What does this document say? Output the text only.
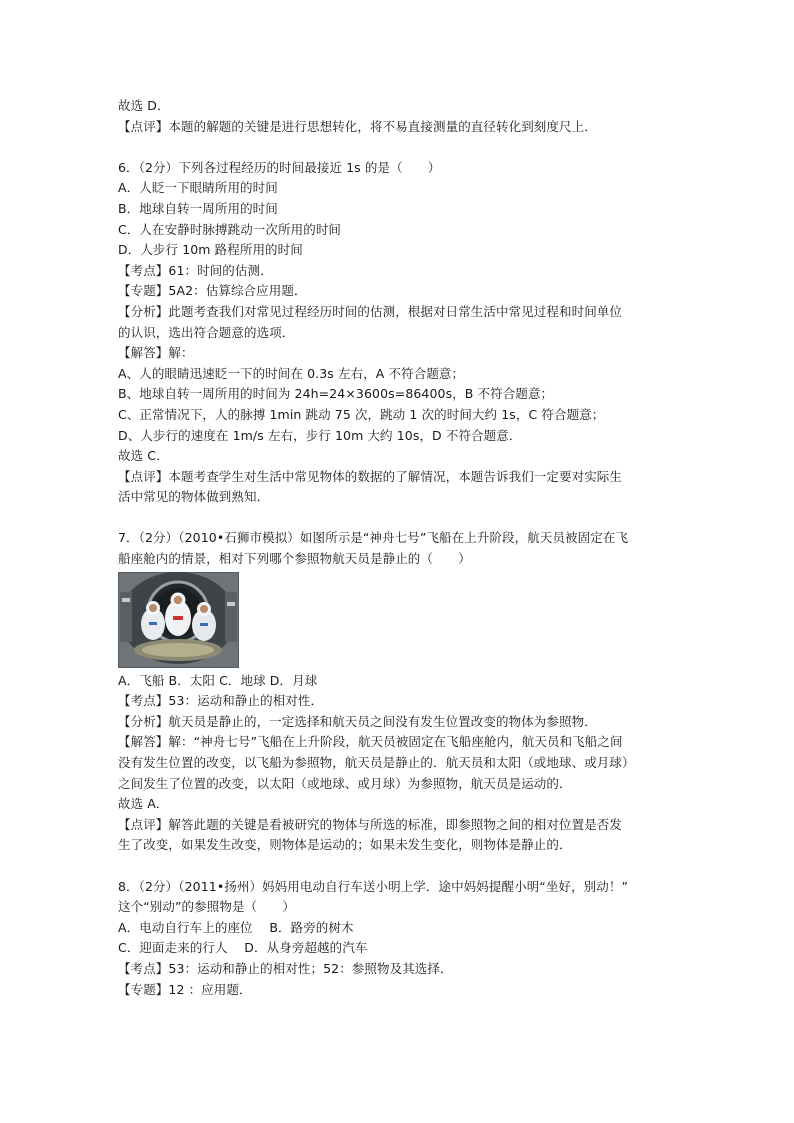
故选 D．
【点评】本题的解题的关键是进行思想转化，将不易直接测量的直径转化到刻度尺上．
6．（2分）下列各过程经历的时间最接近 1s 的是（　　）
A．人眨一下眼睛所用的时间
B．地球自转一周所用的时间
C．人在安静时脉搏跳动一次所用的时间
D．人步行 10m 路程所用的时间
【考点】61：时间的估测．
【专题】5A2：估算综合应用题．
【分析】此题考查我们对常见过程经历时间的估测，根据对日常生活中常见过程和时间单位
的认识，选出符合题意的选项．
【解答】解：
A、人的眼睛迅速眨一下的时间在 0.3s 左右，A 不符合题意；
B、地球自转一周所用的时间为 24h=24×3600s=86400s，B 不符合题意；
C、正常情况下，人的脉搏 1min 跳动 75 次，跳动 1 次的时间大约 1s，C 符合题意；
D、人步行的速度在 1m/s 左右，步行 10m 大约 10s，D 不符合题意．
故选 C．
【点评】本题考查学生对生活中常见物体的数据的了解情况，本题告诉我们一定要对实际生
活中常见的物体做到熟知．
7．（2分）（2010•石狮市模拟）如图所示是“神舟七号”飞船在上升阶段，航天员被固定在飞
船座舱内的情景，相对下列哪个参照物航天员是静止的（　　）
A．飞船 B．太阳 C．地球 D．月球
【考点】53：运动和静止的相对性．
【分析】航天员是静止的，一定选择和航天员之间没有发生位置改变的物体为参照物．
【解答】解：“神舟七号”飞船在上升阶段，航天员被固定在飞船座舱内，航天员和飞船之间
没有发生位置的改变，以飞船为参照物，航天员是静止的．航天员和太阳（或地球、或月球）
之间发生了位置的改变，以太阳（或地球、或月球）为参照物，航天员是运动的．
故选 A．
【点评】解答此题的关键是看被研究的物体与所选的标准，即参照物之间的相对位置是否发
生了改变，如果发生改变，则物体是运动的；如果未发生变化，则物体是静止的．
8．（2分）（2011•扬州）妈妈用电动自行车送小明上学．途中妈妈提醒小明“坐好，别动！”
这个“别动”的参照物是（　　）
A．电动自行车上的座位　 B．路旁的树木
C．迎面走来的行人　 D．从身旁超越的汽车
【考点】53：运动和静止的相对性；52：参照物及其选择．
【专题】12 ：应用题．
